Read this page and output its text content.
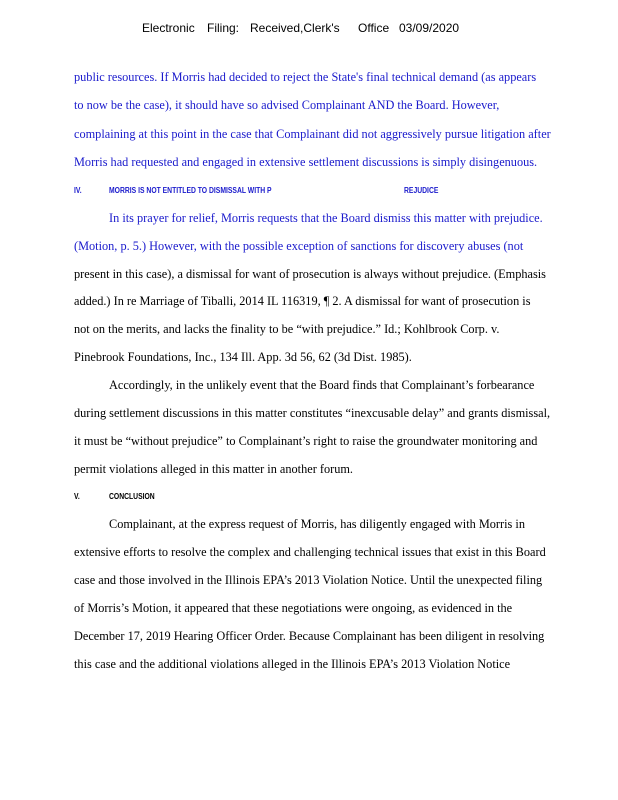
Electronic Filing: Received,Clerk's Office 03/09/2020
public resources. If Morris had decided to reject the State's final technical demand (as appears
to now be the case), it should have so advised Complainant AND the Board. However,
complaining at this point in the case that Complainant did not aggressively pursue litigation after
Morris had requested and engaged in extensive settlement discussions is simply disingenuous.
IV.	MORRIS IS NOT ENTITLED TO DISMISSAL WITH P	REJUDICE
In its prayer for relief, Morris requests that the Board dismiss this matter with prejudice.
(Motion, p. 5.) However, with the possible exception of sanctions for discovery abuses (not
present in this case), a dismissal for want of prosecution is always without prejudice. (Emphasis
added.) In re Marriage of Tiballi, 2014 IL 116319, ¶ 2. A dismissal for want of prosecution is
not on the merits, and lacks the finality to be “with prejudice.” Id.; Kohlbrook Corp. v.
Pinebrook Foundations, Inc., 134 Ill. App. 3d 56, 62 (3d Dist. 1985).
Accordingly, in the unlikely event that the Board finds that Complainant’s forbearance
during settlement discussions in this matter constitutes “inexcusable delay” and grants dismissal,
it must be “without prejudice” to Complainant’s right to raise the groundwater monitoring and
permit violations alleged in this matter in another forum.
V.	CONCLUSION
Complainant, at the express request of Morris, has diligently engaged with Morris in
extensive efforts to resolve the complex and challenging technical issues that exist in this Board
case and those involved in the Illinois EPA’s 2013 Violation Notice. Until the unexpected filing
of Morris’s Motion, it appeared that these negotiations were ongoing, as evidenced in the
December 17, 2019 Hearing Officer Order. Because Complainant has been diligent in resolving
this case and the additional violations alleged in the Illinois EPA’s 2013 Violation Notice
